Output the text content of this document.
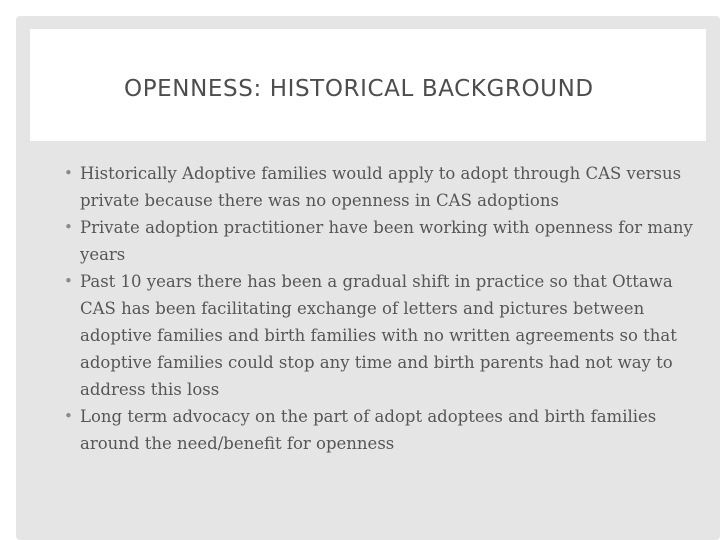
OPENNESS: HISTORICAL BACKGROUND
• Historically Adoptive families would apply to adopt through CAS versus private because there was no openness in CAS adoptions
• Private adoption practitioner have been working with openness for many years
• Past 10 years there has been a gradual shift in practice so that Ottawa CAS has been facilitating exchange of letters and pictures between adoptive families and birth families with no written agreements so that adoptive families could stop any time and birth parents had not way to address this loss
• Long term advocacy on the part of adopt adoptees and birth families around the need/benefit for openness
